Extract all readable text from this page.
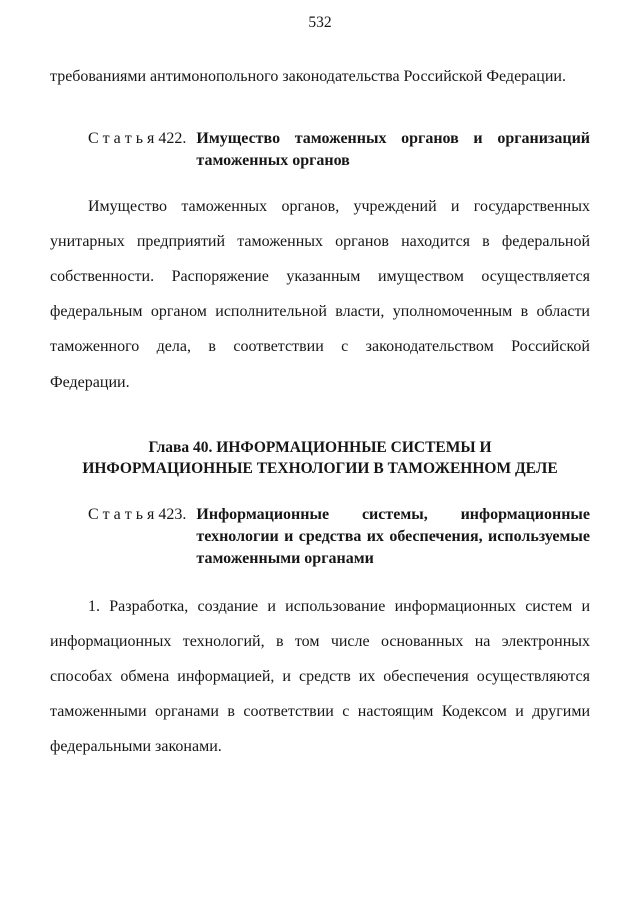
532

требованиями антимонопольного законодательства Российской Федерации.

С т а т ь я 422. Имущество таможенных органов и организаций таможенных органов

Имущество таможенных органов, учреждений и государственных унитарных предприятий таможенных органов находится в федеральной собственности. Распоряжение указанным имуществом осуществляется федеральным органом исполнительной власти, уполномоченным в области таможенного дела, в соответствии с законодательством Российской Федерации.

Глава 40. ИНФОРМАЦИОННЫЕ СИСТЕМЫ И
ИНФОРМАЦИОННЫЕ ТЕХНОЛОГИИ В ТАМОЖЕННОМ ДЕЛЕ
С т а т ь я 423. Информационные системы, информационные технологии и средства их обеспечения, используемые таможенными органами

1. Разработка, создание и использование информационных систем и информационных технологий, в том числе основанных на электронных способах обмена информацией, и средств их обеспечения осуществляются таможенными органами в соответствии с настоящим Кодексом и другими федеральными законами.
